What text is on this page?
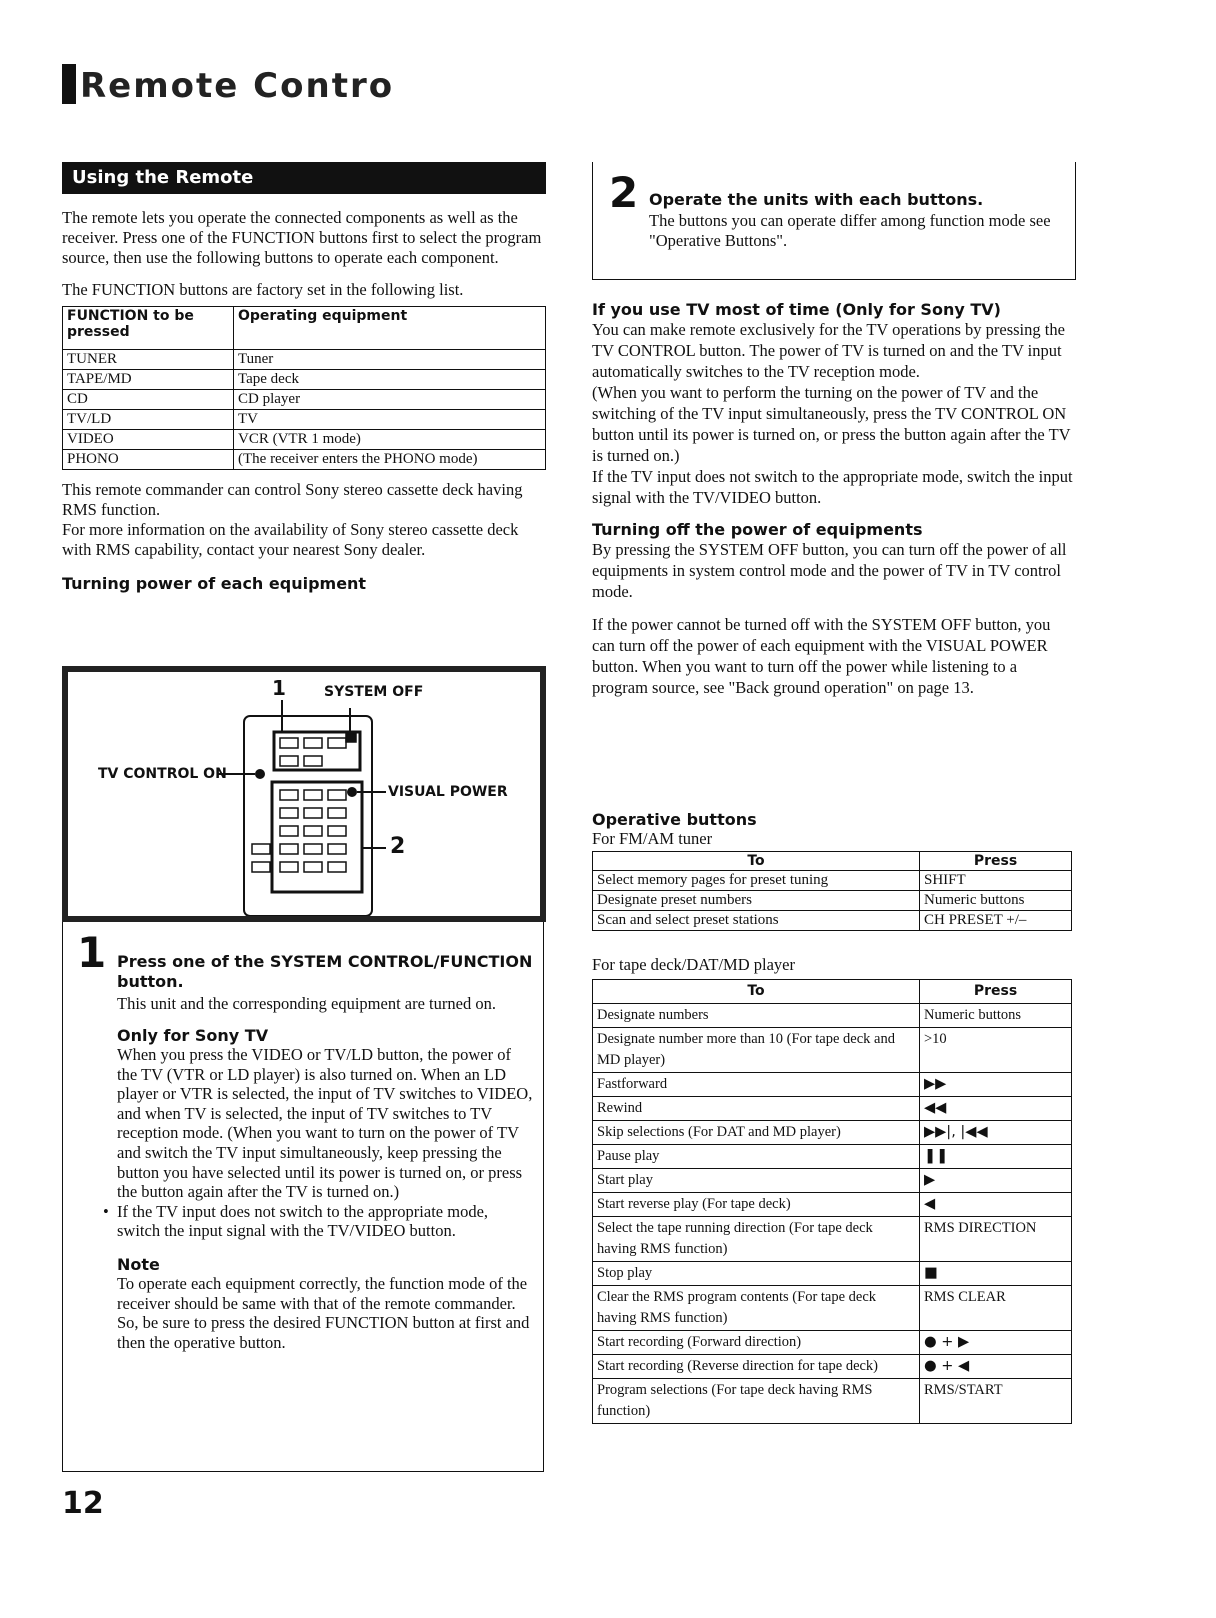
Remote Control
Using the Remote

The remote lets you operate the connected components as well as the receiver. Press one of the FUNCTION buttons first to select the program source, then use the following buttons to operate each component.

The FUNCTION buttons are factory set in the following list.

FUNCTION to be pressed	Operating equipment
TUNER	Tuner
TAPE/MD	Tape deck
CD	CD player
TV/LD	TV
VIDEO	VCR (VTR 1 mode)
PHONO	(The receiver enters the PHONO mode)

This remote commander can control Sony stereo cassette deck having RMS function.

For more information on the availability of Sony stereo cassette deck with RMS capability, contact your nearest Sony dealer.

Turning power of each equipment

1	SYSTEM OFF
TV CONTROL ON
VISUAL POWER
2
1 Press one of the SYSTEM CONTROL/FUNCTION button.

This unit and the corresponding equipment are turned on.

Only for Sony TV

When you press the VIDEO or TV/LD button, the power of the TV (VTR or LD player) is also turned on. When an LD player or VTR is selected, the input of TV switches to VIDEO, and when TV is selected, the input of TV switches to TV reception mode. (When you want to turn on the power of TV and switch the TV input simultaneously, keep pressing the button you have selected until its power is turned on, or press the button again after the TV is turned on.)

• If the TV input does not switch to the appropriate mode, switch the input signal with the TV/VIDEO button.

Note

To operate each equipment correctly, the function mode of the receiver should be same with that of the remote commander. So, be sure to press the desired FUNCTION button at first and then the operative button.

12
2 Operate the units with each buttons.

The buttons you can operate differ among function mode see "Operative Buttons".

If you use TV most of time (Only for Sony TV)

You can make remote exclusively for the TV operations by pressing the TV CONTROL button. The power of TV is turned on and the TV input automatically switches to the TV reception mode.

(When you want to perform the turning on the power of TV and the switching of the TV input simultaneously, press the TV CONTROL ON button until its power is turned on, or press the button again after the TV is turned on.)

If the TV input does not switch to the appropriate mode, switch the input signal with the TV/VIDEO button.

Turning off the power of equipments

By pressing the SYSTEM OFF button, you can turn off the power of all equipments in system control mode and the power of TV in TV control mode.

If the power cannot be turned off with the SYSTEM OFF button, you can turn off the power of each equipment with the VISUAL POWER button. When you want to turn off the power while listening to a program source, see "Back ground operation" on page 13.

Operative buttons

For FM/AM tuner

To	Press
Select memory pages for preset tuning	SHIFT
Designate preset numbers	Numeric buttons
Scan and select preset stations	CH PRESET +/–

For tape deck/DAT/MD player

To	Press
Designate numbers	Numeric buttons
Designate number more than 10 (For tape deck and MD player)	>10
Fastforward	▶▶
Rewind	◀◀
Skip selections (For DAT and MD player)	▶▶|, |◀◀
Pause play	❚❚
Start play	▶
Start reverse play (For tape deck)	◀
Select the tape running direction (For tape deck having RMS function)	RMS DIRECTION
Stop play	■
Clear the RMS program contents (For tape deck having RMS function)	RMS CLEAR
Start recording (Forward direction)	● + ▶
Start recording (Reverse direction for tape deck)	● + ◀
Program selections (For tape deck having RMS function)	RMS/START
